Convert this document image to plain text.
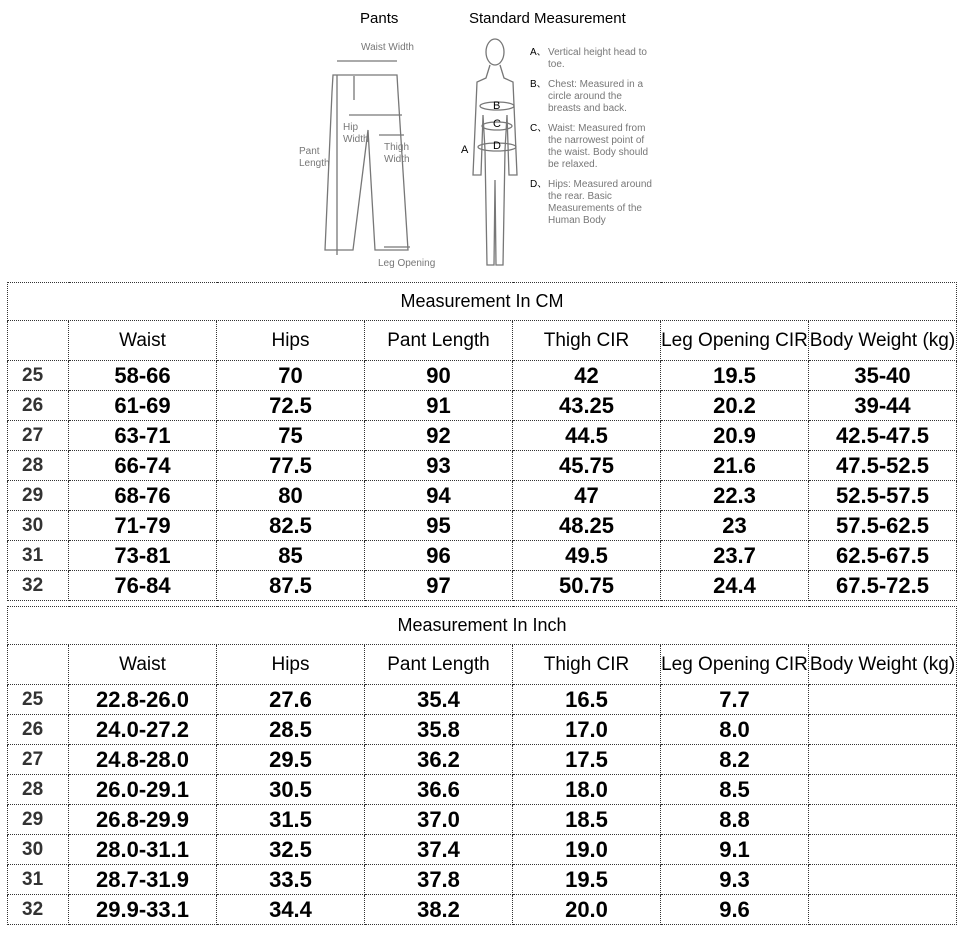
Pants	Standard Measurement
Waist Width
Hip Width
Thigh Width
Pant Length
Leg Opening
A
B
C
D
A、 Vertical height head to toe.
B、 Chest: Measured in a circle around the breasts and back.
C、 Waist: Measured from the narrowest point of the waist. Body should be relaxed.
D、 Hips: Measured around the rear. Basic Measurements of the Human Body
Measurement In CM						
	Waist	Hips	Pant Length	Thigh CIR	Leg Opening CIR	Body Weight (kg)
25	58-66	70	90	42	19.5	35-40
26	61-69	72.5	91	43.25	20.2	39-44
27	63-71	75	92	44.5	20.9	42.5-47.5
28	66-74	77.5	93	45.75	21.6	47.5-52.5
29	68-76	80	94	47	22.3	52.5-57.5
30	71-79	82.5	95	48.25	23	57.5-62.5
31	73-81	85	96	49.5	23.7	62.5-67.5
32	76-84	87.5	97	50.75	24.4	67.5-72.5
Measurement In Inch						
	Waist	Hips	Pant Length	Thigh CIR	Leg Opening CIR	Body Weight (kg)
25	22.8-26.0	27.6	35.4	16.5	7.7	
26	24.0-27.2	28.5	35.8	17.0	8.0	
27	24.8-28.0	29.5	36.2	17.5	8.2	
28	26.0-29.1	30.5	36.6	18.0	8.5	
29	26.8-29.9	31.5	37.0	18.5	8.8	
30	28.0-31.1	32.5	37.4	19.0	9.1	
31	28.7-31.9	33.5	37.8	19.5	9.3	
32	29.9-33.1	34.4	38.2	20.0	9.6	
